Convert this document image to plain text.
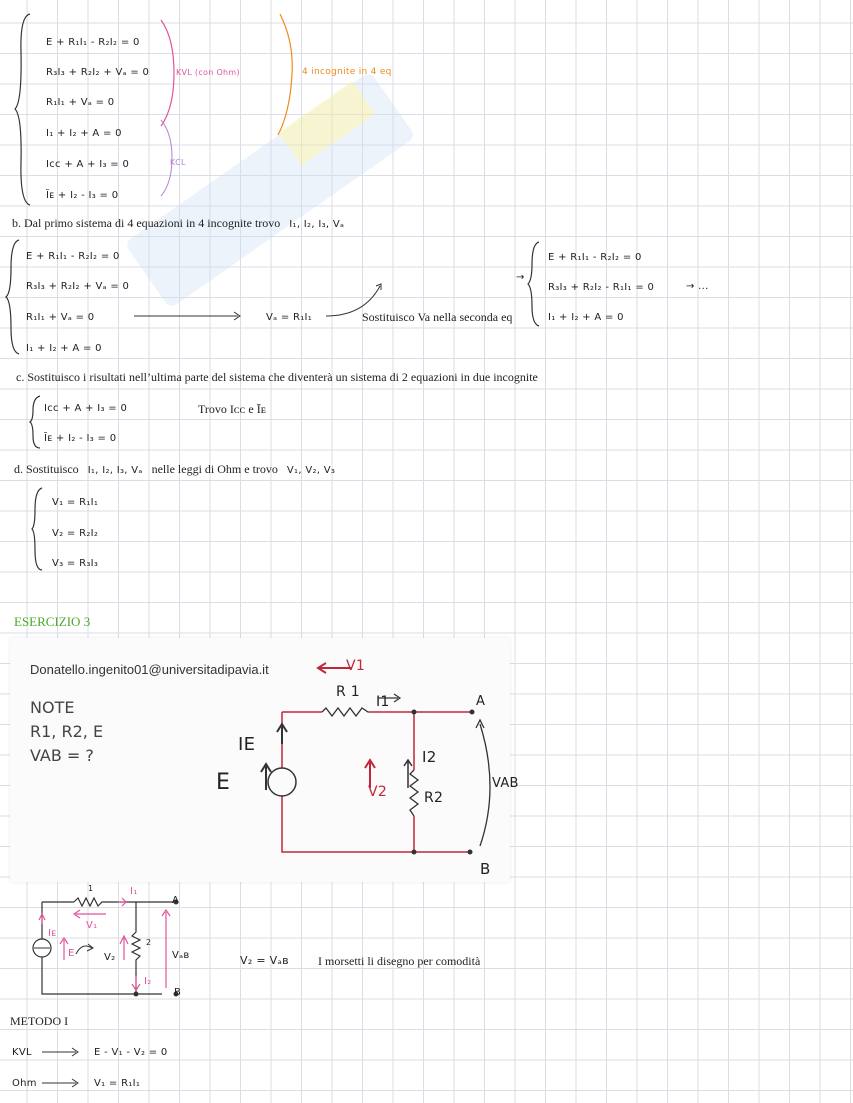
E + R₁I₁ - R₂I₂ = 0
R₃I₃ + R₂I₂ + Vₐ = 0
R₁I₁ + Vₐ = 0
I₁ + I₂ + A = 0
Iᴄᴄ + A + I₃ = 0
Īᴇ + I₂ - I₃ = 0
KVL (con Ohm)
KCL
4 incognite in 4 eq
b. Dal primo sistema di 4 equazioni in 4 incognite trovo I₁, I₂, I₃, Vₐ
E + R₁I₁ - R₂I₂ = 0
R₃I₃ + R₂I₂ + Vₐ = 0
R₁I₁ + Vₐ = 0
I₁ + I₂ + A = 0
Vₐ = R₁I₁	Sostituisco Va nella seconda eq
→
E + R₁I₁ - R₂I₂ = 0
R₃I₃ + R₂I₂ - R₁I₁ = 0
I₁ + I₂ + A = 0
→ ...
c. Sostituisco i risultati nell’ultima parte del sistema che diventerà un sistema di 2 equazioni in due incognite
Iᴄᴄ + A + I₃ = 0
Īᴇ + I₂ - I₃ = 0
Trovo Iᴄᴄ e Īᴇ
d. Sostituisco I₁, I₂, I₃, Vₐ nelle leggi di Ohm e trovo V₁, V₂, V₃
V₁ = R₁I₁
V₂ = R₂I₂
V₃ = R₃I₃
ESERCIZIO 3
Donatello.ingenito01@universitadipavia.it
NOTE
R1, R2, E
VAB = ?
V1
R 1
I1
IE
E
I2
V2	R2
A
B
VAB
1	I₁
V₁
Iᴇ
E	V₂
2
I₂
A
B
Vₐʙ	V₂ = Vₐʙ I morsetti li disegno per comodità
METODO I
KVL	E - V₁ - V₂ = 0
Ohm	V₁ = R₁I₁
